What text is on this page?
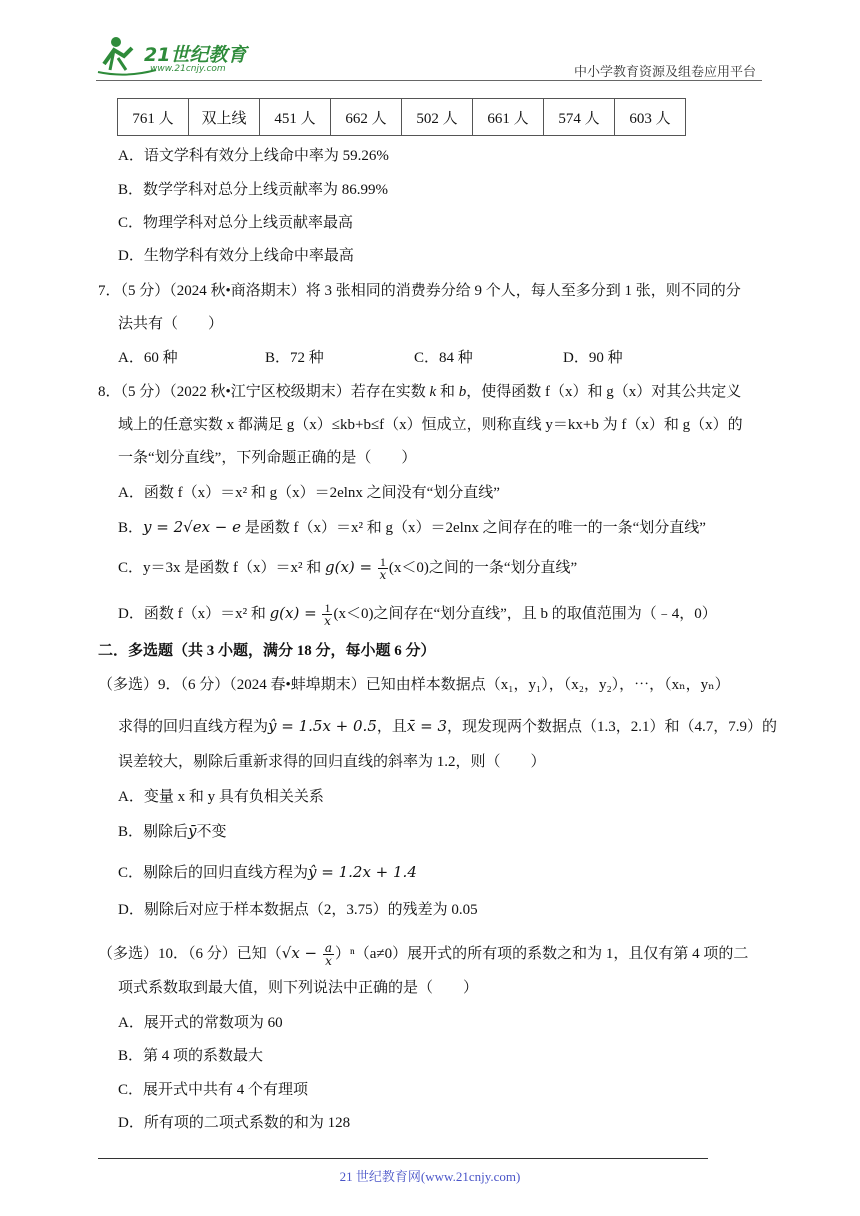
21世纪教育
www.21cnjy.com	中小学教育资源及组卷应用平台
761 人	双上线	451 人	662 人	502 人	661 人	574 人	603 人
A．语文学科有效分上线命中率为 59.26%
B．数学学科对总分上线贡献率为 86.99%
C．物理学科对总分上线贡献率最高
D．生物学科有效分上线命中率最高
7．（5 分）（2024 秋•商洛期末）将 3 张相同的消费券分给 9 个人，每人至多分到 1 张，则不同的分
法共有（　　）
A．60 种	B．72 种	C．84 种	D．90 种
8．（5 分）（2022 秋•江宁区校级期末）若存在实数 k 和 b，使得函数 f（x）和 g（x）对其公共定义
域上的任意实数 x 都满足 g（x）≤kb+b≤f（x）恒成立，则称直线 y＝kx+b 为 f（x）和 g（x）的
一条“划分直线”，下列命题正确的是（　　）
A．函数 f（x）＝x² 和 g（x）＝2elnx 之间没有“划分直线”
B．y = 2√ex − e 是函数 f（x）＝x² 和 g（x）＝2elnx 之间存在的唯一的一条“划分直线”
C．y＝3x 是函数 f（x）＝x² 和 $g(x) = \frac{1}{x} (x<0)$之间的一条“划分直线”
D．函数 f（x）＝x² 和 $g(x) = \frac{1}{x} (x<0)$之间存在“划分直线”，且 b 的取值范围为（﹣4，0）
二．多选题（共 3 小题，满分 18 分，每小题 6 分）
（多选）9．（6 分）（2024 春•蚌埠期末）已知由样本数据点（x₁，y₁），（x₂，y₂），⋯，（xₙ，yₙ）
求得的回归直线方程为ŷ = 1.5x + 0.5，且x̄ = 3，现发现两个数据点（1.3，2.1）和（4.7，7.9）的
误差较大，剔除后重新求得的回归直线的斜率为 1.2，则（　　）
A．变量 x 和 y 具有负相关关系
B．剔除后ȳ不变
C．剔除后的回归直线方程为ŷ = 1.2x + 1.4
D．剔除后对应于样本数据点（2，3.75）的残差为 0.05
（多选）10．（6 分）已知$(√x - \frac{a}{x} )^n(a\ne 0)$展开式的所有项的系数之和为 1，且仅有第 4 项的二
项式系数取到最大值，则下列说法中正确的是（　　）
A．展开式的常数项为 60
B．第 4 项的系数最大
C．展开式中共有 4 个有理项
D．所有项的二项式系数的和为 128
21 世纪教育网(www.21cnjy.com)
